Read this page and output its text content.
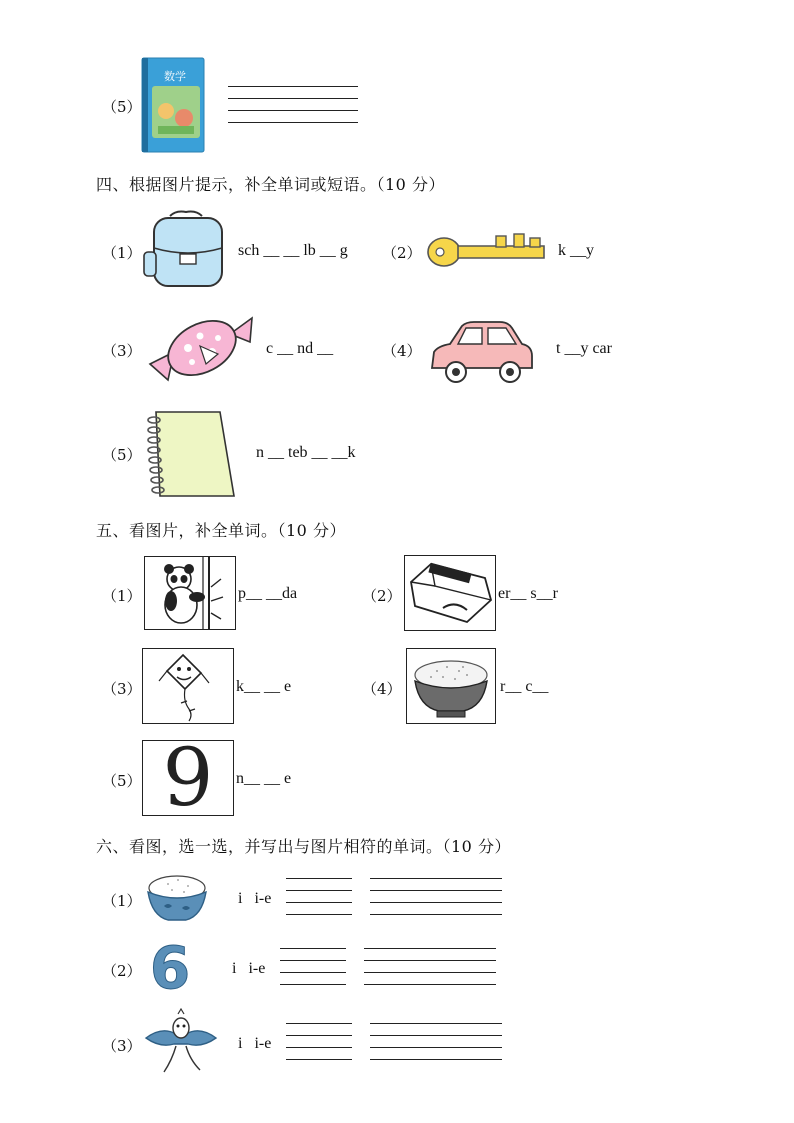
（5）
数学
四、根据图片提示，补全单词或短语。（10 分）
（1）	sch __ __ lb __ g （2）	k __y
（3）	c __ nd __	（4）	t __y car
（5）	n __ teb __ __k
五、看图片，补全单词。（10 分）
（1）	p__ __da	（2）	er__ s__r
（3）	k__ __ e	（4）	r__ c__
（5） 9 n__ __ e
六、看图，选一选，并写出与图片相符的单词。（10 分）
（1）	i   i-e
（2） 6	i   i-e
（3）	i   i-e
